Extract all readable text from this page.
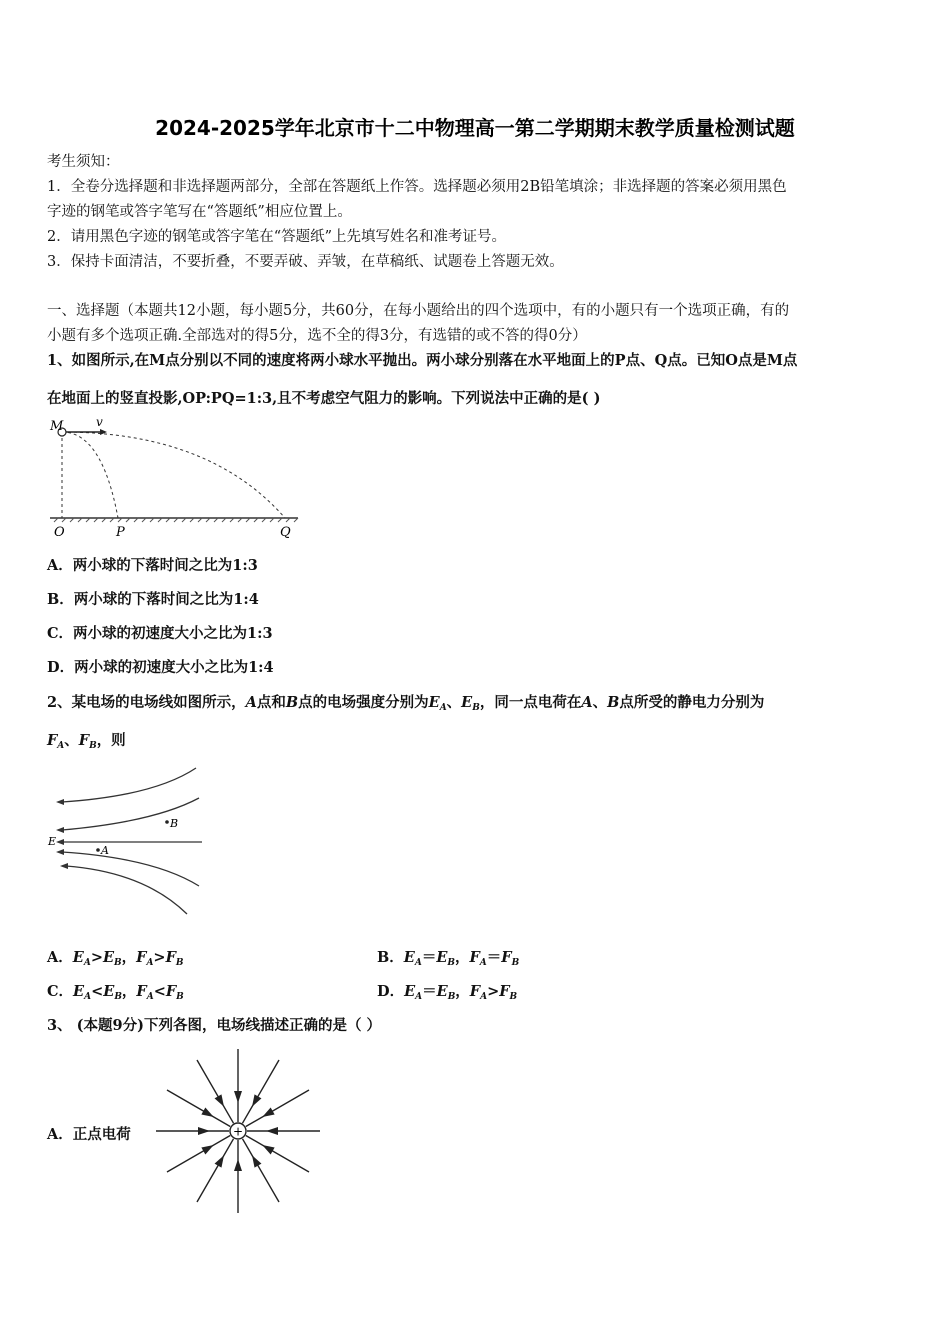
2024-2025学年北京市十二中物理高一第二学期期末教学质量检测试题
考生须知：
1．全卷分选择题和非选择题两部分，全部在答题纸上作答。选择题必须用2B铅笔填涂；非选择题的答案必须用黑色
字迹的钢笔或答字笔写在“答题纸”相应位置上。
2．请用黑色字迹的钢笔或答字笔在“答题纸”上先填写姓名和准考证号。
3．保持卡面清洁，不要折叠，不要弄破、弄皱，在草稿纸、试题卷上答题无效。
一、选择题（本题共12小题，每小题5分，共60分，在每小题给出的四个选项中，有的小题只有一个选项正确，有的
小题有多个选项正确.全部选对的得5分，选不全的得3分，有选错的或不答的得0分）
1、如图所示,在M点分别以不同的速度将两小球水平抛出。两小球分别落在水平地面上的P点、Q点。已知O点是M点
在地面上的竖直投影,OP:PQ=1:3,且不考虑空气阻力的影响。下列说法中正确的是( )
M	v
O	P	Q
A．两小球的下落时间之比为1:3
B．两小球的下落时间之比为1:4
C．两小球的初速度大小之比为1:3
D．两小球的初速度大小之比为1:4
2、某电场的电场线如图所示，A点和B点的电场强度分别为$E_A$、$E_B$，同一点电荷在A、B点所受的静电力分别为
$F_A$、$F_B$，则
B
A
E
A．$E_A>E_B$，$F_A>F_B$	B．$E_A=E_B$，$F_A=F_B$
C．$E_A<E_B$，$F_A<F_B$	D．$E_A=E_B$，$F_A>F_B$
3、 (本题9分)下列各图，电场线描述正确的是（ ）
+
A．正点电荷
